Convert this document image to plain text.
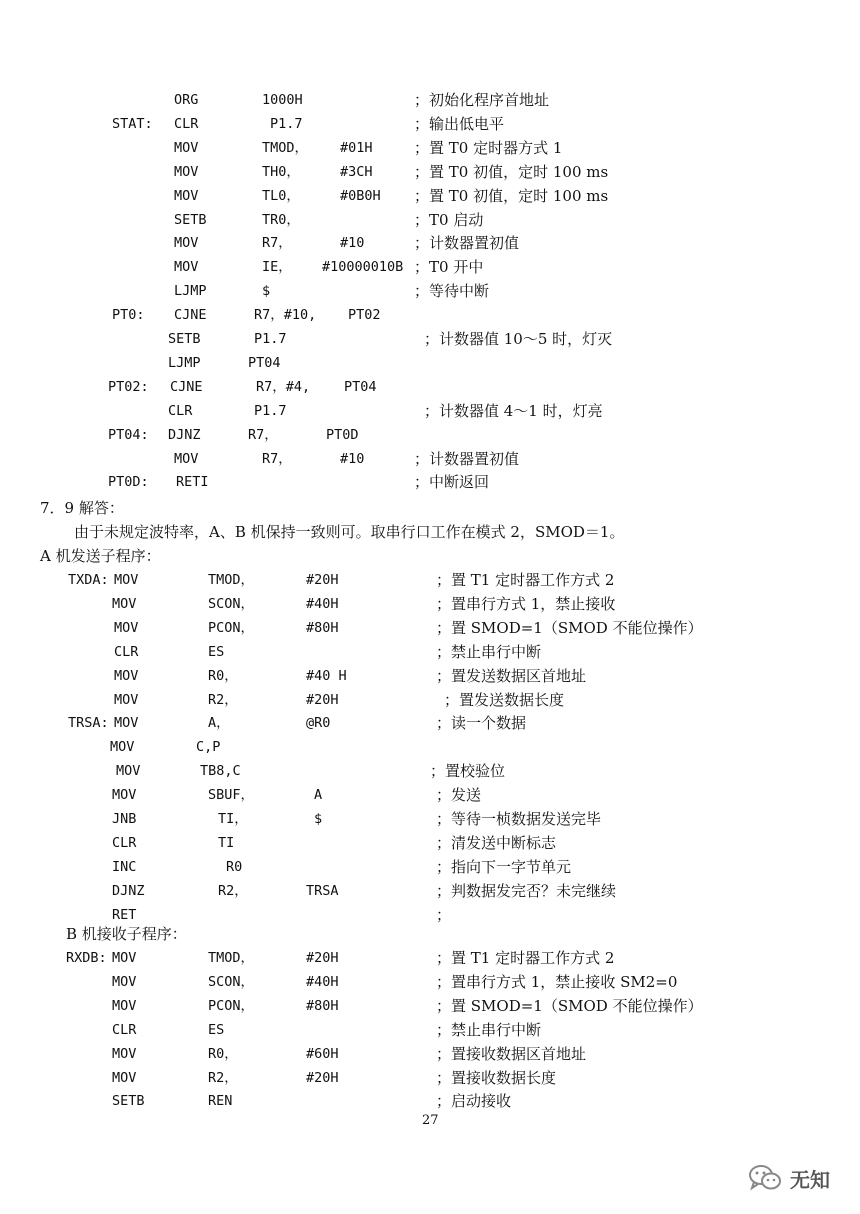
ORG	1000H	；初始化程序首地址
STAT: CLR	P1.7	；输出低电平
MOV	TMOD， #01H	；置 T0 定时器方式 1
MOV	TH0，	#3CH	；置 T0 初值，定时 100 ms
MOV	TL0，	#0B0H ；置 T0 初值，定时 100 ms
SETB	TR0，	；T0 启动
MOV	R7，	#10	；计数器置初值
MOV	IE， #10000010B ；T0 开中
LJMP	$	；等待中断
PT0: CJNE	R7，#10, PT02
SETB	P1.7	；计数器值 10～5 时，灯灭
LJMP	PT04
PT02: CJNE	R7，#4,	PT04
CLR	P1.7	；计数器值 4～1 时，灯亮
PT04: DJNZ	R7，	PT0D
MOV	R7，	#10	；计数器置初值
PT0D: RETI	；中断返回
7．9 解答：
由于未规定波特率，A、B 机保持一致则可。取串行口工作在模式 2，SMOD＝1。
A 机发送子程序：
TXDA: MOV	TMOD，	#20H	；置 T1 定时器工作方式 2
MOV	SCON，	#40H	；置串行方式 1，禁止接收
MOV	PCON，	#80H	；置 SMOD=1（SMOD 不能位操作）
CLR	ES	；禁止串行中断
MOV	R0，	#40 H	；置发送数据区首地址
MOV	R2，	#20H	；置发送数据长度
TRSA: MOV	A，	@R0	；读一个数据
MOV	C,P
MOV	TB8,C	；置校验位
MOV	SBUF，	A	；发送
JNB	TI，	$	；等待一桢数据发送完毕
CLR	TI	；清发送中断标志
INC	R0	；指向下一字节单元
DJNZ	R2，	TRSA	；判数据发完否？未完继续
RET	；
B 机接收子程序：
RXDB: MOV	TMOD，	#20H	；置 T1 定时器工作方式 2
MOV	SCON，	#40H	；置串行方式 1，禁止接收 SM2=0
MOV	PCON，	#80H	；置 SMOD=1（SMOD 不能位操作）
CLR	ES	；禁止串行中断
MOV	R0，	#60H	；置接收数据区首地址
MOV	R2，	#20H	；置接收数据长度
SETB	REN	；启动接收
27
无知
